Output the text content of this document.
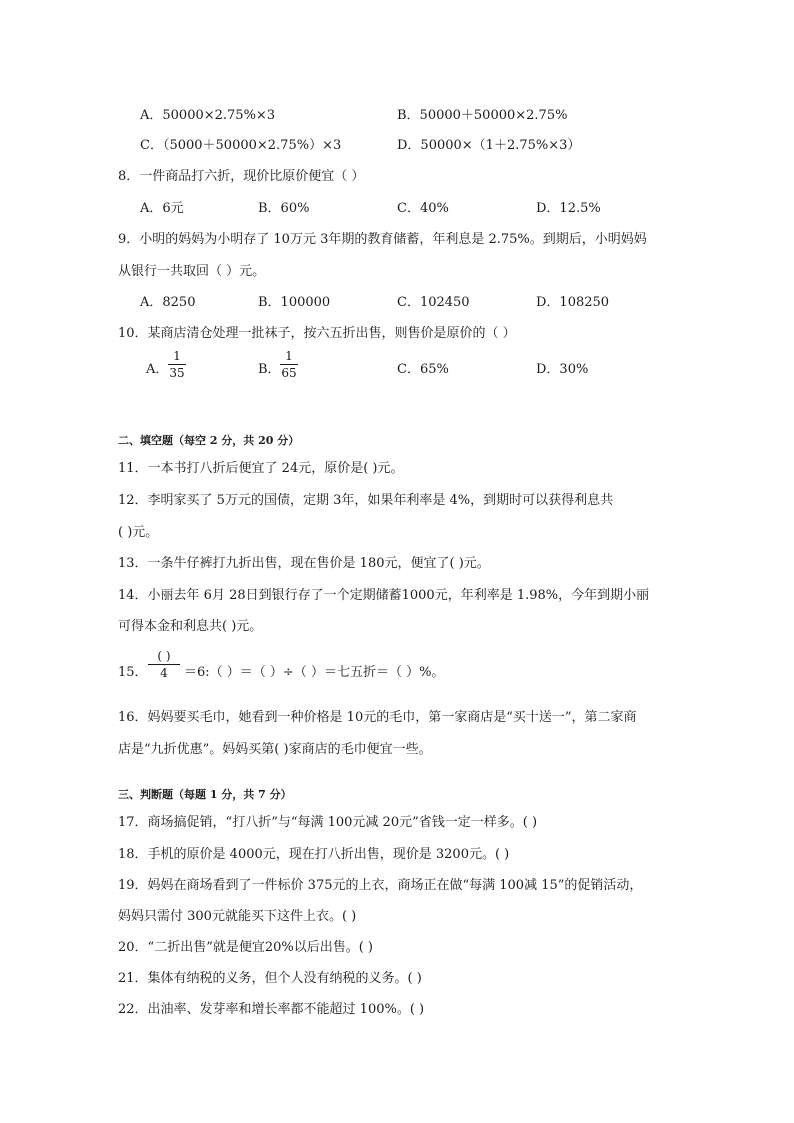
A．50000×2.75%×3	B．50000＋50000×2.75%
C．（5000＋50000×2.75%）×3	D．50000×（1＋2.75%×3）
8．一件商品打六折，现价比原价便宜（ ）
A．6元	B．60%	C．40%	D．12.5%
9．小明的妈妈为小明存了 10万元 3年期的教育储蓄，年利息是 2.75%。到期后，小明妈妈
从银行一共取回（ ）元。
A．8250	B．100000	C．102450	D．108250
10．某商店清仓处理一批袜子，按六五折出售，则售价是原价的（ ）
A．
1
35	B．
1
65	C．65%	D．30%
二、填空题（每空 2 分，共 20 分）
11．一本书打八折后便宜了 24元，原价是( )元。
12．李明家买了 5万元的国债，定期 3年，如果年利率是 4%，到期时可以获得利息共
( )元。
13．一条牛仔裤打九折出售，现在售价是 180元，便宜了( )元。
14．小丽去年 6月 28日到银行存了一个定期储蓄1000元，年利率是 1.98%，今年到期小丽
可得本金和利息共( )元。
15．
( )
4	＝6:（ ）＝（ ）÷（ ）＝七五折＝（ ）%。
16．妈妈要买毛巾，她看到一种价格是 10元的毛巾，第一家商店是“买十送一”，第二家商
店是“九折优惠”。妈妈买第( )家商店的毛巾便宜一些。
三、判断题（每题 1 分，共 7 分）
17．商场搞促销，“打八折”与“每满 100元减 20元”省钱一定一样多。( )
18．手机的原价是 4000元，现在打八折出售，现价是 3200元。( )
19．妈妈在商场看到了一件标价 375元的上衣，商场正在做“每满 100减 15”的促销活动，
妈妈只需付 300元就能买下这件上衣。( )
20．“二折出售”就是便宜20%以后出售。( )
21．集体有纳税的义务，但个人没有纳税的义务。( )
22．出油率、发芽率和增长率都不能超过 100%。( )
